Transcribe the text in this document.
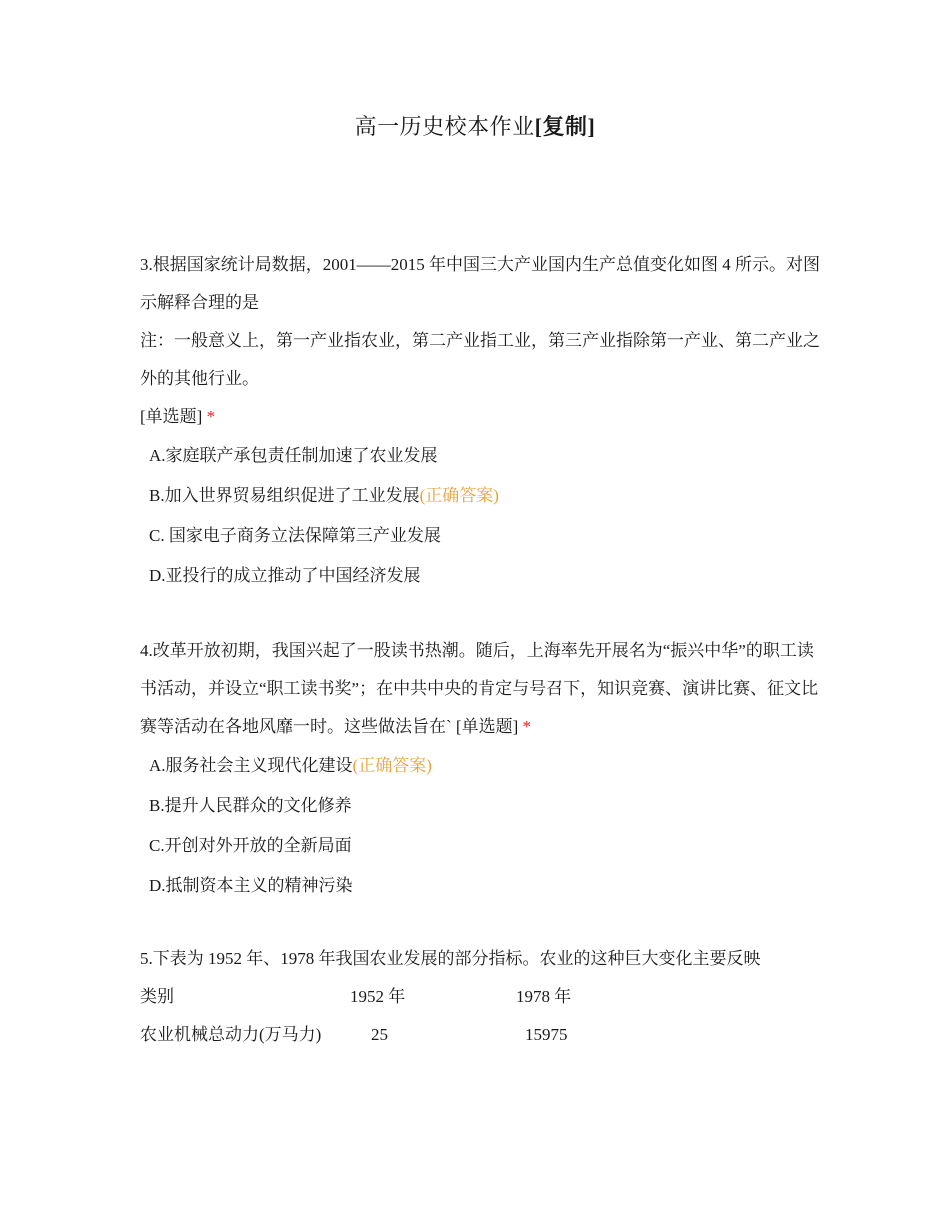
高一历史校本作业[复制]

3.根据国家统计局数据，2001——2015 年中国三大产业国内生产总值变化如图 4 所示。对图示解释合理的是

注：一般意义上，第一产业指农业，第二产业指工业，第三产业指除第一产业、第二产业之外的其他行业。

[单选题] *

A.家庭联产承包责任制加速了农业发展
B.加入世界贸易组织促进了工业发展(正确答案)
C. 国家电子商务立法保障第三产业发展
D.亚投行的成立推动了中国经济发展

4.改革开放初期，我国兴起了一股读书热潮。随后，上海率先开展名为“振兴中华”的职工读书活动，并设立“职工读书奖”；在中共中央的肯定与号召下，知识竞赛、演讲比赛、征文比赛等活动在各地风靡一时。这些做法旨在` [单选题] *

A.服务社会主义现代化建设(正确答案)
B.提升人民群众的文化修养
C.开创对外开放的全新局面
D.抵制资本主义的精神污染

5.下表为 1952 年、1978 年我国农业发展的部分指标。农业的这种巨大变化主要反映

类别	1952 年	1978 年
农业机械总动力(万马力)	25	15975
